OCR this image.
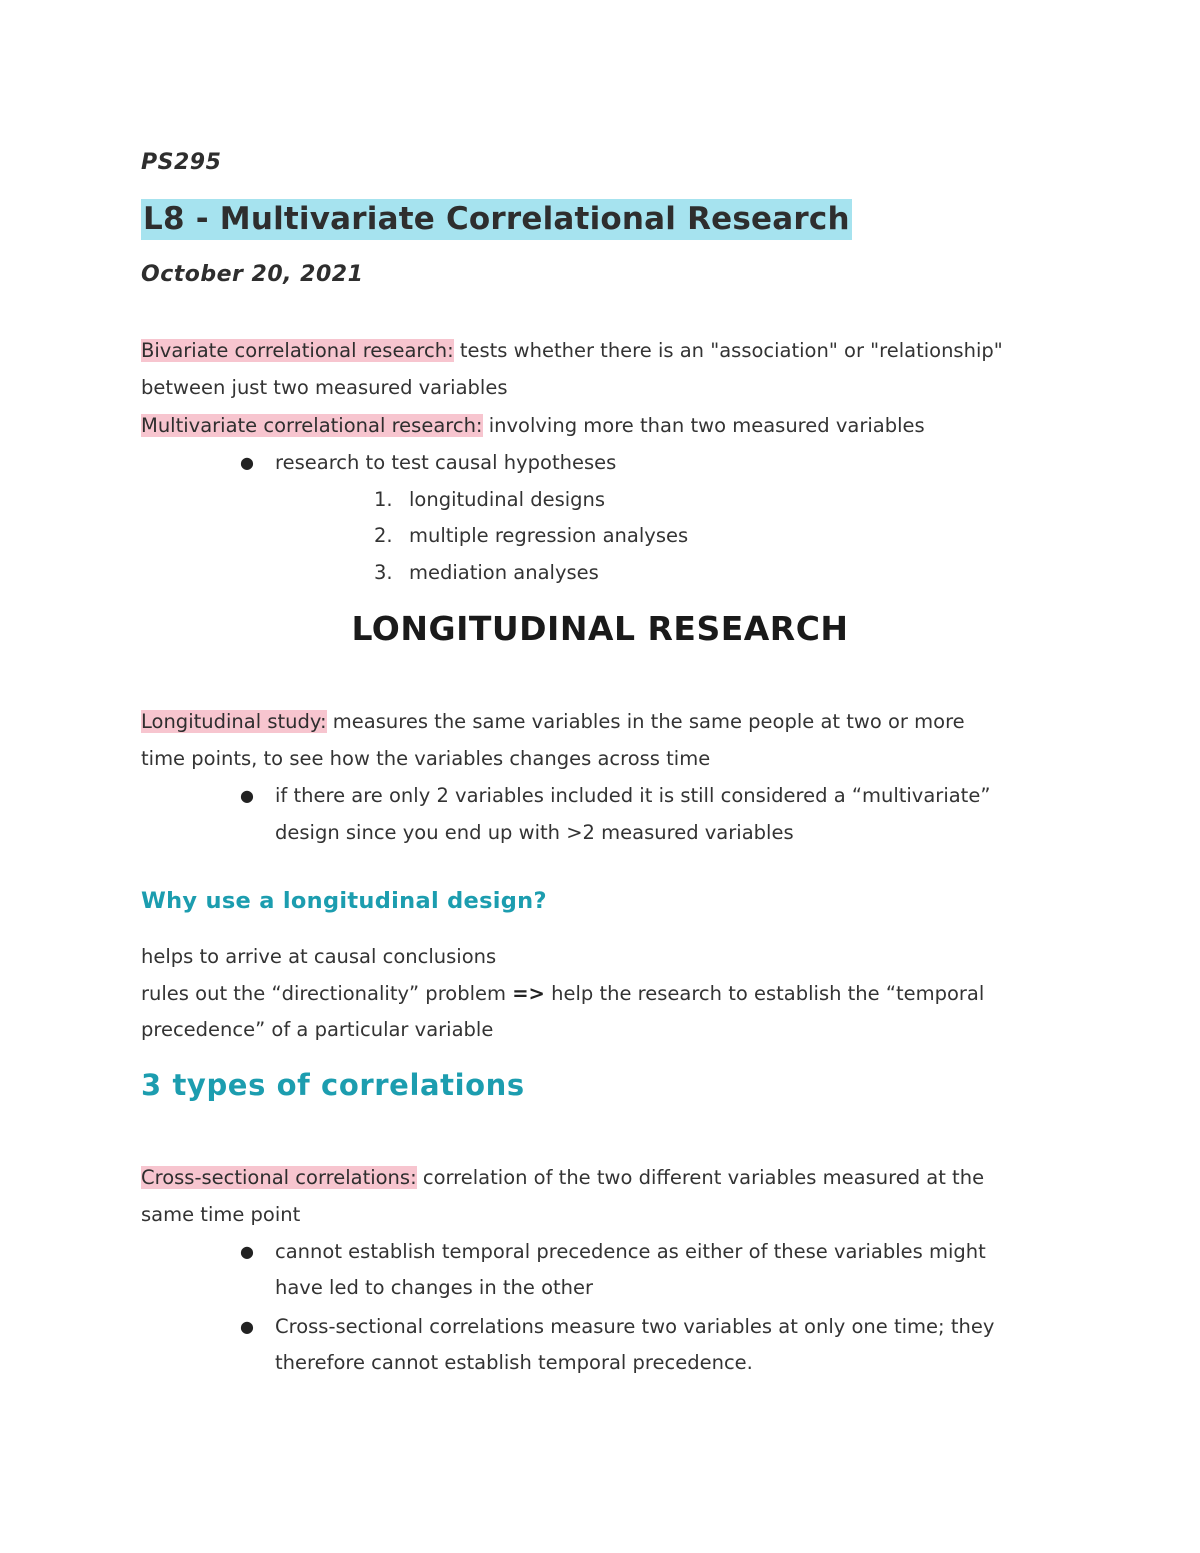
PS295
L8 - Multivariate Correlational Research
October 20, 2021
Bivariate correlational research: tests whether there is an "association" or "relationship"
between just two measured variables
Multivariate correlational research: involving more than two measured variables
● research to test causal hypotheses
1. longitudinal designs
2. multiple regression analyses
3. mediation analyses
LONGITUDINAL RESEARCH
Longitudinal study: measures the same variables in the same people at two or more
time points, to see how the variables changes across time
● if there are only 2 variables included it is still considered a “multivariate”
design since you end up with >2 measured variables
Why use a longitudinal design?
helps to arrive at causal conclusions
rules out the “directionality” problem => help the research to establish the “temporal
precedence” of a particular variable
3 types of correlations
Cross-sectional correlations: correlation of the two different variables measured at the
same time point
● cannot establish temporal precedence as either of these variables might
have led to changes in the other
● Cross-sectional correlations measure two variables at only one time; they
therefore cannot establish temporal precedence.
